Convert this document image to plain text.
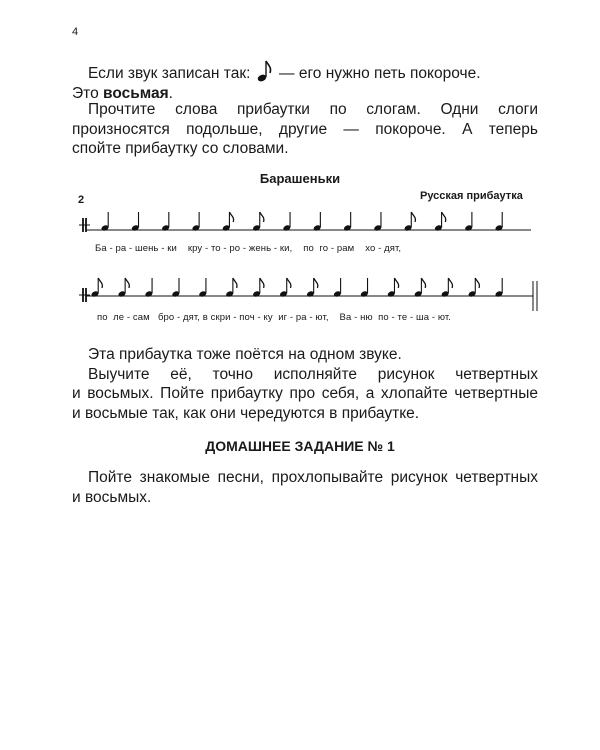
4
Если звук записан так: — его нужно петь покороче.
Это восьмая.
Прочтите слова прибаутки по слогам. Одни слоги
произносятся подольше, другие — покороче. А теперь
спойте прибаутку со словами.
Барашеньки
2	Русская прибаутка
Ба - ра - шень - ки    кру - то - ро - жень - ки,    по  го - рам    хо - дят,
по  ле - сам   бро - дят, в скри - поч - ку  иг - ра - ют,    Ва - ню  по - те - ша - ют.
Эта прибаутка тоже поётся на одном звуке.
Выучите её, точно исполняйте рисунок четвертных
и восьмых. Пойте прибаутку про себя, а хлопайте четвертные
и восьмые так, как они чередуются в прибаутке.
ДОМАШНЕЕ ЗАДАНИЕ № 1
Пойте знакомые песни, прохлопывайте рисунок четвертных
и восьмых.
